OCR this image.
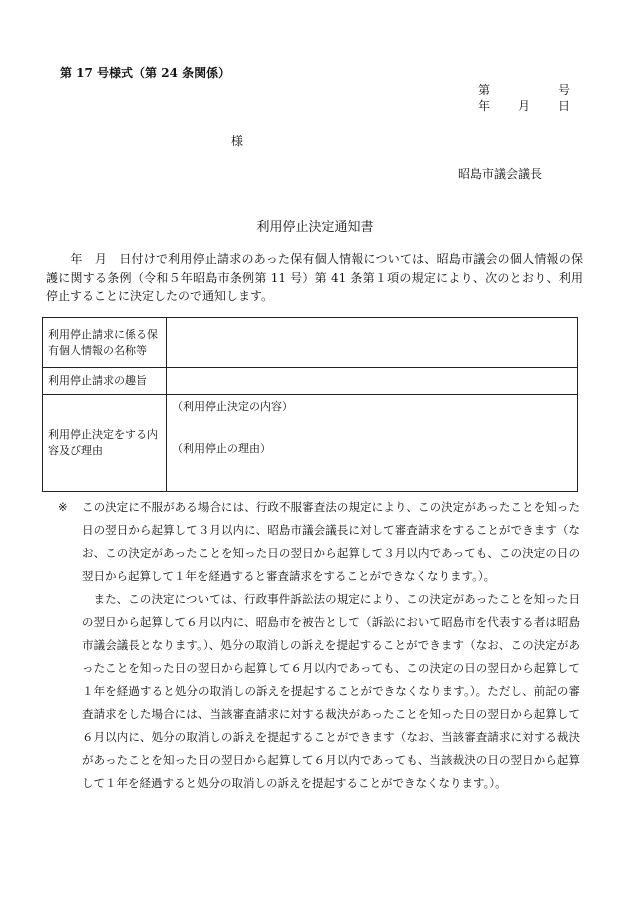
第 17 号様式（第 24 条関係）
第	号
年 月 日
様
昭島市議会議長
利用停止決定通知書

　　年　月　日付けで利用停止請求のあった保有個人情報については、昭島市議会の個人情報の保護に関する条例（令和５年昭島市条例第 11 号）第 41 条第１項の規定により、次のとおり、利用停止することに決定したので通知します。

利用停止請求に係る保有個人情報の名称等	
利用停止請求の趣旨	
利用停止決定をする内容及び理由	（利用停止決定の内容）
（利用停止の理由）
※ この決定に不服がある場合には、行政不服審査法の規定により、この決定があったことを知った日の翌日から起算して３月以内に、昭島市議会議長に対して審査請求をすることができます（なお、この決定があったことを知った日の翌日から起算して３月以内であっても、この決定の日の翌日から起算して１年を経過すると審査請求をすることができなくなります。）。

また、この決定については、行政事件訴訟法の規定により、この決定があったことを知った日の翌日から起算して６月以内に、昭島市を被告として（訴訟において昭島市を代表する者は昭島市議会議長となります。）、処分の取消しの訴えを提起することができます（なお、この決定があったことを知った日の翌日から起算して６月以内であっても、この決定の日の翌日から起算して１年を経過すると処分の取消しの訴えを提起することができなくなります。）。ただし、前記の審査請求をした場合には、当該審査請求に対する裁決があったことを知った日の翌日から起算して６月以内に、処分の取消しの訴えを提起することができます（なお、当該審査請求に対する裁決があったことを知った日の翌日から起算して６月以内であっても、当該裁決の日の翌日から起算して１年を経過すると処分の取消しの訴えを提起することができなくなります。）。
